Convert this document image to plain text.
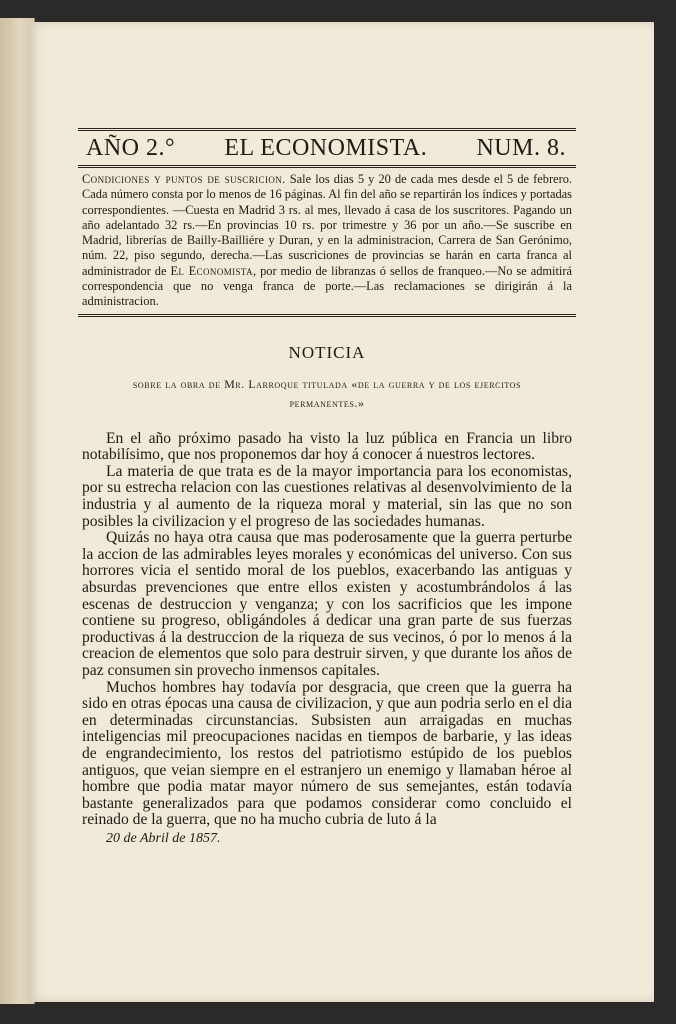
AÑO 2.° EL ECONOMISTA. NUM. 8.
Condiciones y puntos de suscricion. Sale los dias 5 y 20 de cada mes desde el 5 de febrero. Cada número consta por lo menos de 16 páginas. Al fin del año se repartirán los índices y portadas correspondientes. —Cuesta en Madrid 3 rs. al mes, llevado á casa de los suscritores. Pagando un año adelantado 32 rs.—En provincias 10 rs. por trimestre y 36 por un año.—Se suscribe en Madrid, librerías de Bailly-Bailliére y Duran, y en la administracion, Carrera de San Gerónimo, núm. 22, piso segundo, derecha.—Las suscriciones de provincias se harán en carta franca al administrador de El Economista, por medio de libranzas ó sellos de franqueo.—No se admitirá correspondencia que no venga franca de porte.—Las reclamaciones se dirigirán á la administracion.
NOTICIA
sobre la obra de Mr. Larroque titulada «de la guerra y de los ejercitos permanentes.»

En el año próximo pasado ha visto la luz pública en Francia un libro notabilísimo, que nos proponemos dar hoy á conocer á nuestros lectores.

La materia de que trata es de la mayor importancia para los economistas, por su estrecha relacion con las cuestiones relativas al desenvolvimiento de la industria y al aumento de la riqueza moral y material, sin las que no son posibles la civilizacion y el progreso de las sociedades humanas.

Quizás no haya otra causa que mas poderosamente que la guerra perturbe la accion de las admirables leyes morales y económicas del universo. Con sus horrores vicia el sentido moral de los pueblos, exacerbando las antiguas y absurdas prevenciones que entre ellos existen y acostumbrándolos á las escenas de destruccion y venganza; y con los sacrificios que les impone contiene su progreso, obligándoles á dedicar una gran parte de sus fuerzas productivas á la destruccion de la riqueza de sus vecinos, ó por lo menos á la creacion de elementos que solo para destruir sirven, y que durante los años de paz consumen sin provecho inmensos capitales.

Muchos hombres hay todavía por desgracia, que creen que la guerra ha sido en otras épocas una causa de civilizacion, y que aun podria serlo en el dia en determinadas circunstancias. Subsisten aun arraigadas en muchas inteligencias mil preocupaciones nacidas en tiempos de barbarie, y las ideas de engrandecimiento, los restos del patriotismo estúpido de los pueblos antiguos, que veian siempre en el estranjero un enemigo y llamaban héroe al hombre que podia matar mayor número de sus semejantes, están todavía bastante generalizados para que podamos considerar como concluido el reinado de la guerra, que no ha mucho cubria de luto á la

20 de Abril de 1857.
